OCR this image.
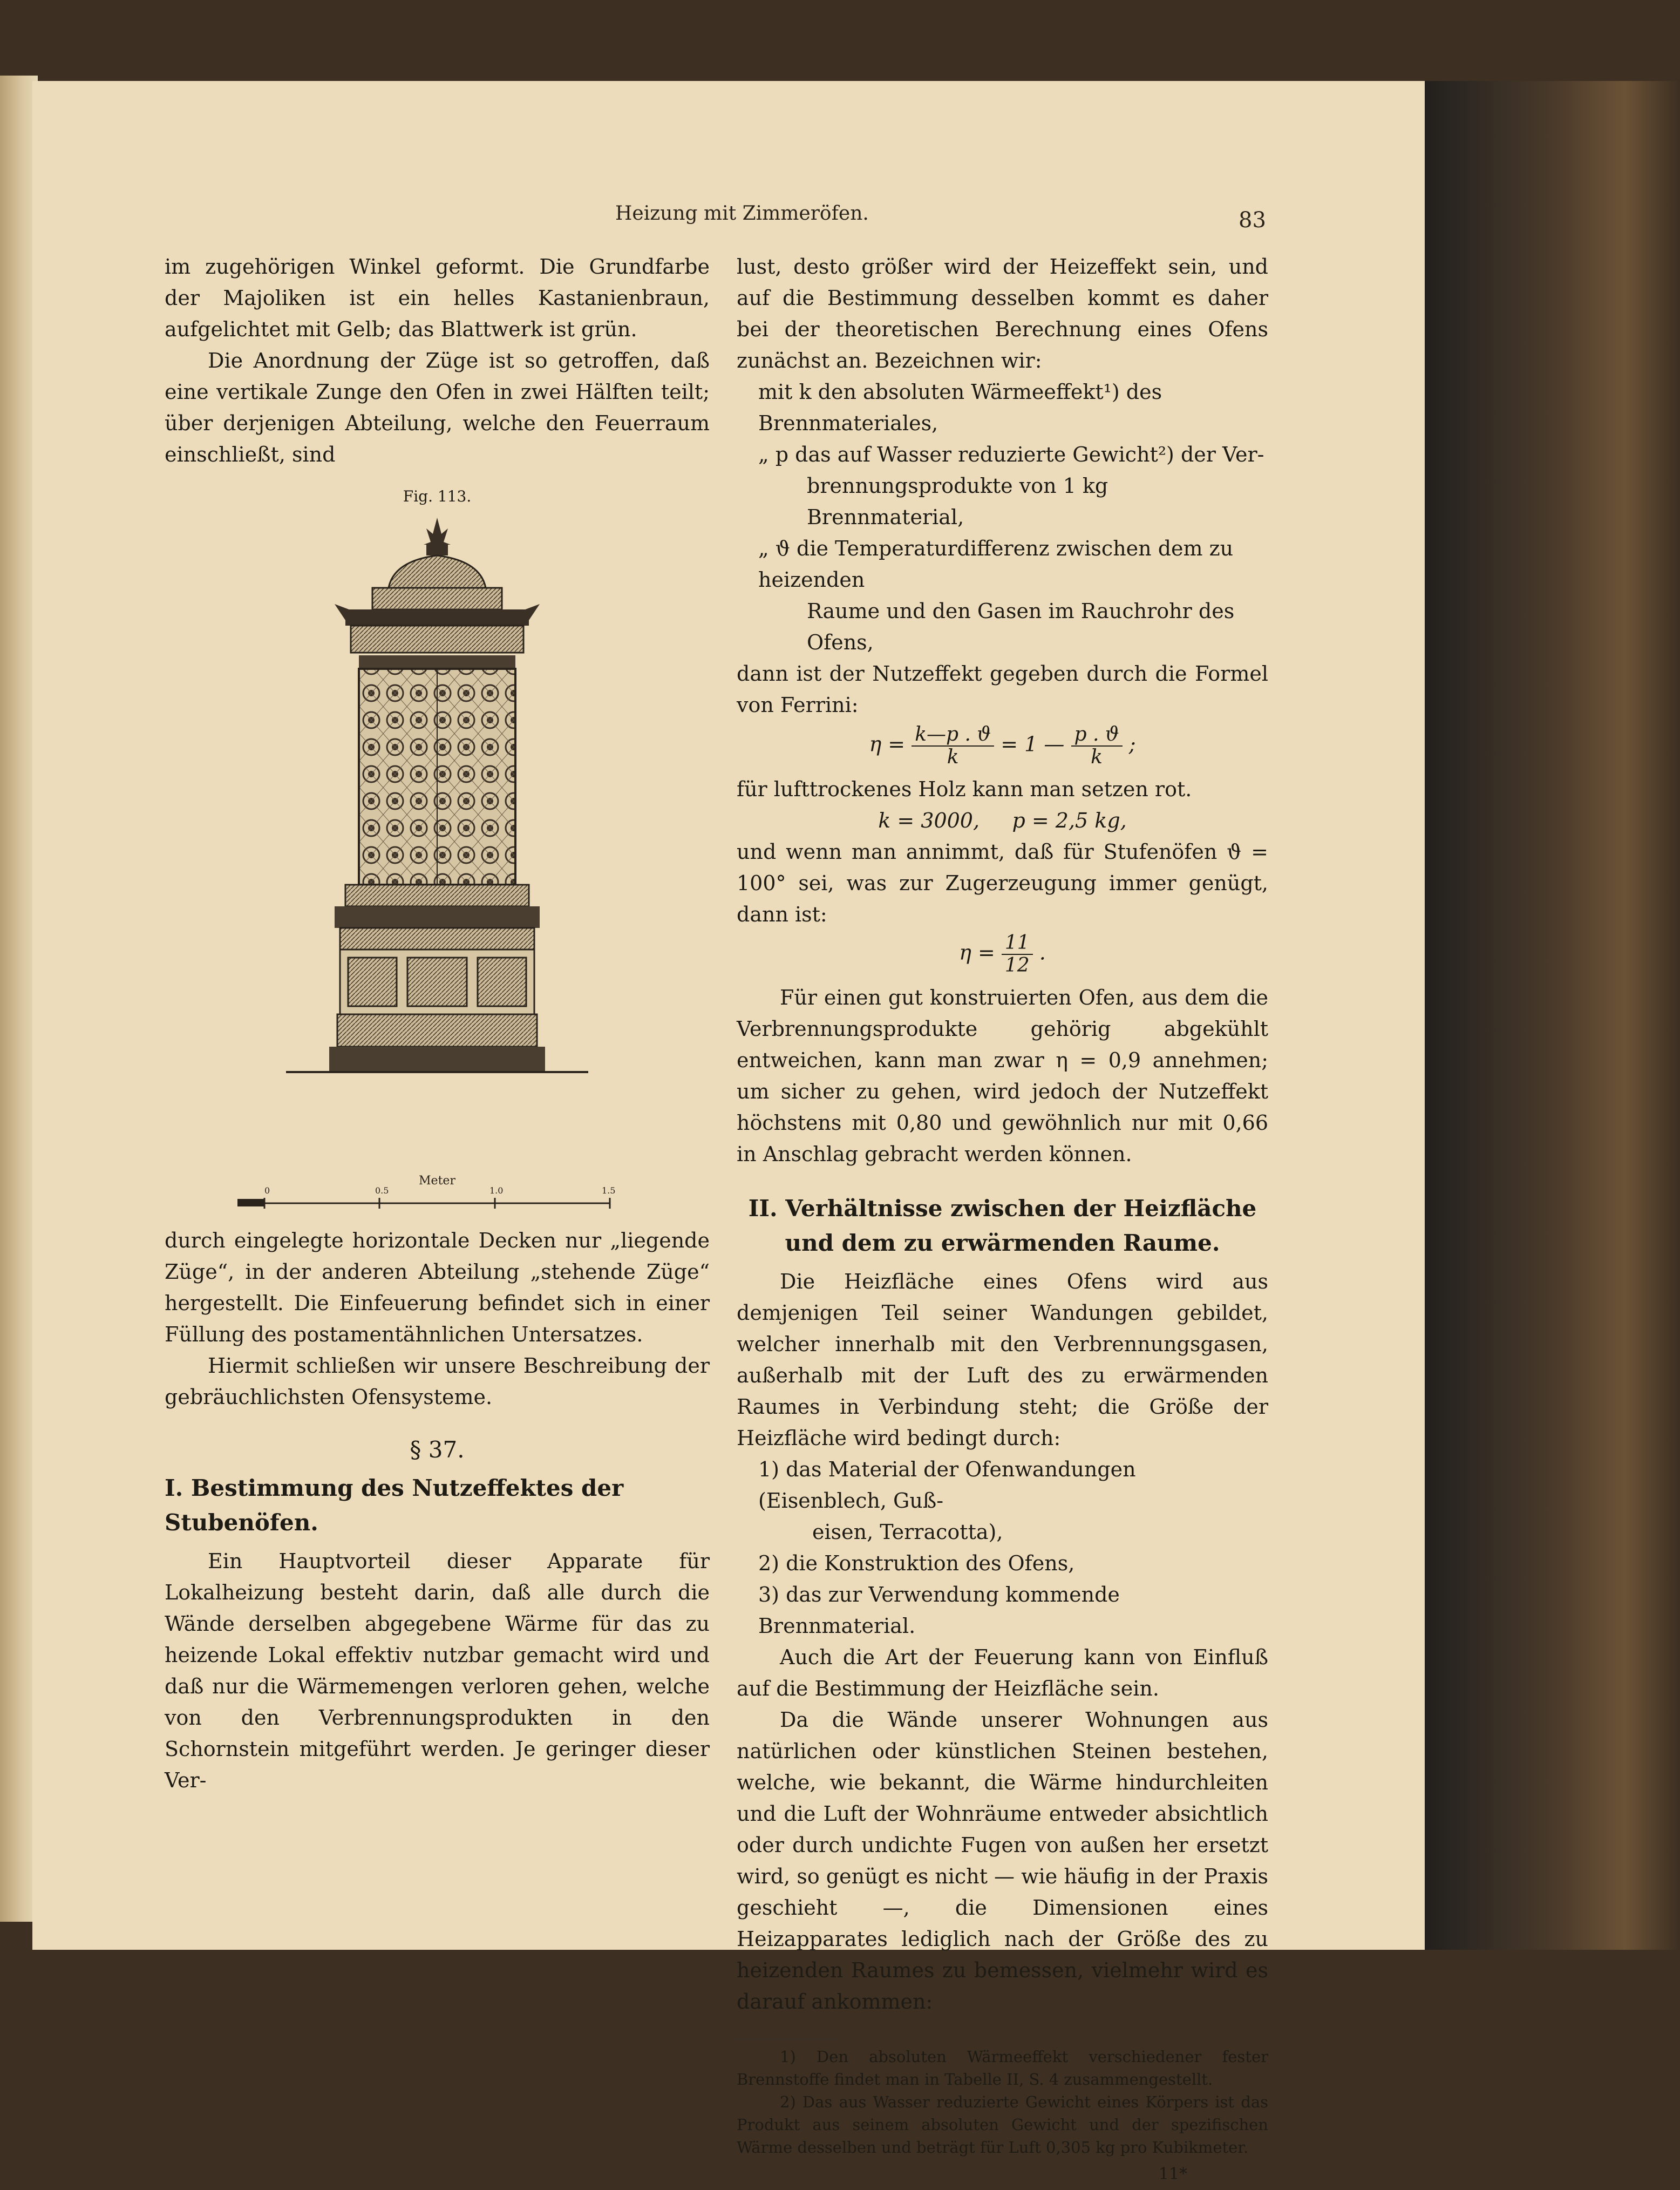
Heizung mit Zimmeröfen.	83

im zugehörigen Winkel geformt. Die Grundfarbe der Majoliken ist ein helles Kastanienbraun, aufgelichtet mit Gelb; das Blattwerk ist grün.

Die Anordnung der Züge ist so getroffen, daß eine vertikale Zunge den Ofen in zwei Hälften teilt; über derjenigen Abteilung, welche den Feuerraum einschließt, sind

Fig. 113.
Meter
0	0.5	1.0	1.5

durch eingelegte horizontale Decken nur „liegende Züge“, in der anderen Abteilung „stehende Züge“ hergestellt. Die Einfeuerung befindet sich in einer Füllung des postamentähnlichen Untersatzes.

Hiermit schließen wir unsere Beschreibung der gebräuchlichsten Ofensysteme.

§ 37.
I. Bestimmung des Nutzeffektes der Stubenöfen.

Ein Hauptvorteil dieser Apparate für Lokalheizung besteht darin, daß alle durch die Wände derselben abgegebene Wärme für das zu heizende Lokal effektiv nutzbar gemacht wird und daß nur die Wärmemengen verloren gehen, welche von den Verbrennungsprodukten in den Schornstein mitgeführt werden. Je geringer dieser Ver-

lust, desto größer wird der Heizeffekt sein, und auf die Bestimmung desselben kommt es daher bei der theoretischen Berechnung eines Ofens zunächst an. Bezeichnen wir:

mit k den absoluten Wärmeeffekt¹) des Brennmateriales,
„ p das auf Wasser reduzierte Gewicht²) der Ver-
brennungsprodukte von 1 kg Brennmaterial,
„ ϑ die Temperaturdifferenz zwischen dem zu heizenden
Raume und den Gasen im Rauchrohr des Ofens,

dann ist der Nutzeffekt gegeben durch die Formel von Ferrini:

$\eta = \frac{k—p . ϑ}{k} = 1$ — $\frac{p . ϑ}{k}$ ;

für lufttrockenes Holz kann man setzen rot.

k = 3000,     p = 2,5 kg,

und wenn man annimmt, daß für Stufenöfen ϑ = 100° sei, was zur Zugerzeugung immer genügt, dann ist:

$\eta = \frac{11}{12}$ .

Für einen gut konstruierten Ofen, aus dem die Verbrennungsprodukte gehörig abgekühlt entweichen, kann man zwar η = 0,9 annehmen; um sicher zu gehen, wird jedoch der Nutzeffekt höchstens mit 0,80 und gewöhnlich nur mit 0,66 in Anschlag gebracht werden können.

II. Verhältnisse zwischen der Heizfläche und dem zu erwärmenden Raume.

Die Heizfläche eines Ofens wird aus demjenigen Teil seiner Wandungen gebildet, welcher innerhalb mit den Verbrennungsgasen, außerhalb mit der Luft des zu erwärmenden Raumes in Verbindung steht; die Größe der Heizfläche wird bedingt durch:

1) das Material der Ofenwandungen (Eisenblech, Guß-
eisen, Terracotta),
2) die Konstruktion des Ofens,
3) das zur Verwendung kommende Brennmaterial.

Auch die Art der Feuerung kann von Einfluß auf die Bestimmung der Heizfläche sein.

Da die Wände unserer Wohnungen aus natürlichen oder künstlichen Steinen bestehen, welche, wie bekannt, die Wärme hindurchleiten und die Luft der Wohnräume entweder absichtlich oder durch undichte Fugen von außen her ersetzt wird, so genügt es nicht — wie häufig in der Praxis geschieht —, die Dimensionen eines Heizapparates lediglich nach der Größe des zu heizenden Raumes zu bemessen, vielmehr wird es darauf ankommen:

1) Den absoluten Wärmeeffekt verschiedener fester Brennstoffe findet man in Tabelle II, S. 4 zusammengestellt.

2) Das aus Wasser reduzierte Gewicht eines Körpers ist das Produkt aus seinem absoluten Gewicht und der spezifischen Wärme desselben und beträgt für Luft 0,305 kg pro Kubikmeter.

11*
